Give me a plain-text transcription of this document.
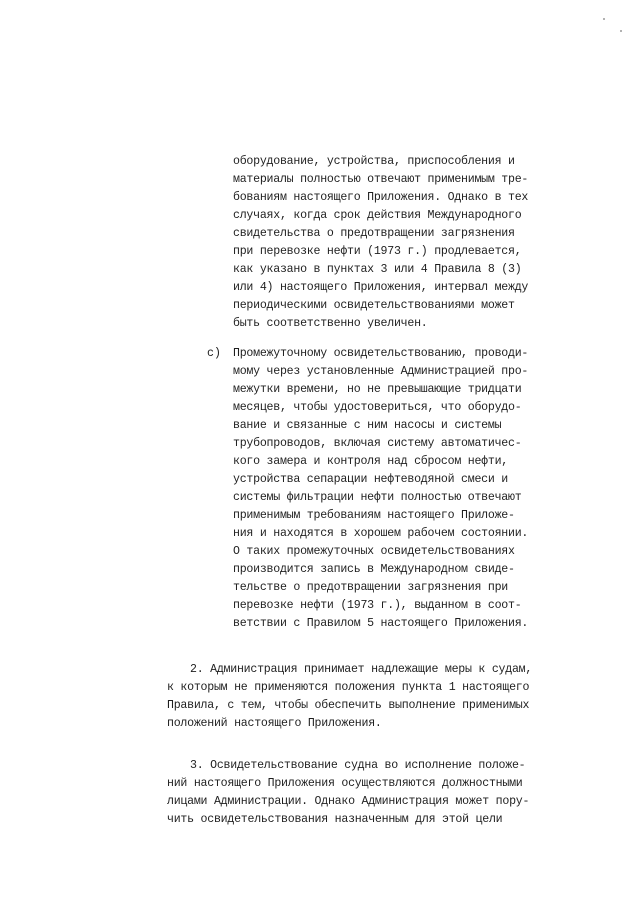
оборудование, устройства, приспособления и
материалы полностью отвечают применимым тре-
бованиям настоящего Приложения. Однако в тех
случаях, когда срок действия Международного
свидетельства о предотвращении загрязнения
при перевозке нефти (1973 г.) продлевается,
как указано в пунктах 3 или 4 Правила 8 (3)
или 4) настоящего Приложения, интервал между
периодическими освидетельствованиями может
быть соответственно увеличен.
c) Промежуточному освидетельствованию, проводи-
мому через установленные Администрацией про-
межутки времени, но не превышающие тридцати
месяцев, чтобы удостовериться, что оборудо-
вание и связанные с ним насосы и системы
трубопроводов, включая систему автоматичес-
кого замера и контроля над сбросом нефти,
устройства сепарации нефтеводяной смеси и
системы фильтрации нефти полностью отвечают
применимым требованиям настоящего Приложе-
ния и находятся в хорошем рабочем состоянии.
О таких промежуточных освидетельствованиях
производится запись в Международном свиде-
тельстве о предотвращении загрязнения при
перевозке нефти (1973 г.), выданном в соот-
ветствии с Правилом 5 настоящего Приложения.
2. Администрация принимает надлежащие меры к судам,
к которым не применяются положения пункта 1 настоящего
Правила, с тем, чтобы обеспечить выполнение применимых
положений настоящего Приложения.
3. Освидетельствование судна во исполнение положе-
ний настоящего Приложения осуществляются должностными
лицами Администрации. Однако Администрация может пору-
чить освидетельствования назначенным для этой цели
